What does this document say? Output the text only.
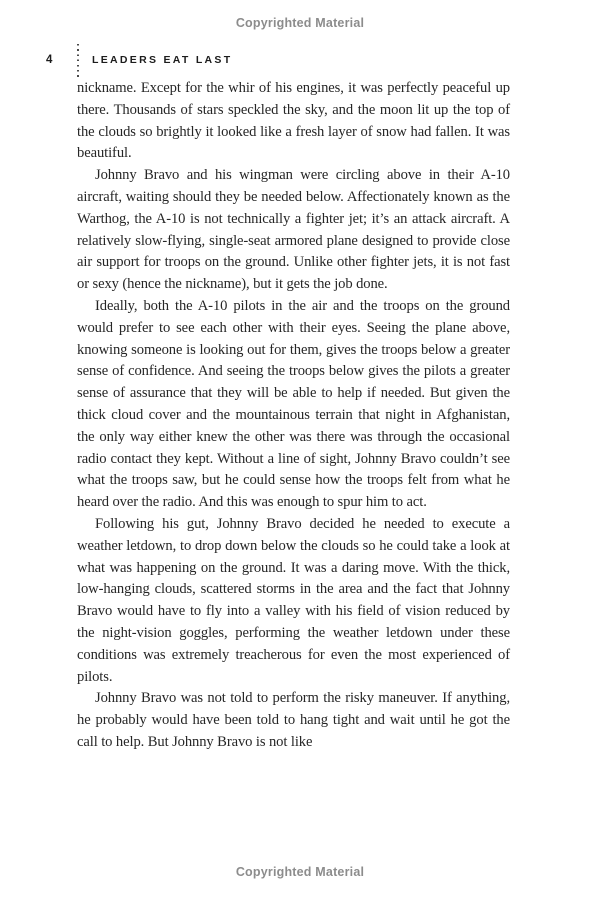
Copyrighted Material
4	LEADERS EAT LAST

nickname. Except for the whir of his engines, it was perfectly peaceful up there. Thousands of stars speckled the sky, and the moon lit up the top of the clouds so brightly it looked like a fresh layer of snow had fallen. It was beautiful.

Johnny Bravo and his wingman were circling above in their A-10 aircraft, waiting should they be needed below. Affectionately known as the Warthog, the A-10 is not technically a fighter jet; it’s an attack aircraft. A relatively slow-flying, single-seat armored plane designed to provide close air support for troops on the ground. Unlike other fighter jets, it is not fast or sexy (hence the nickname), but it gets the job done.

Ideally, both the A-10 pilots in the air and the troops on the ground would prefer to see each other with their eyes. Seeing the plane above, knowing someone is looking out for them, gives the troops below a greater sense of confidence. And seeing the troops below gives the pilots a greater sense of assurance that they will be able to help if needed. But given the thick cloud cover and the mountainous terrain that night in Afghanistan, the only way either knew the other was there was through the occasional radio contact they kept. Without a line of sight, Johnny Bravo couldn’t see what the troops saw, but he could sense how the troops felt from what he heard over the radio. And this was enough to spur him to act.

Following his gut, Johnny Bravo decided he needed to execute a weather letdown, to drop down below the clouds so he could take a look at what was happening on the ground. It was a daring move. With the thick, low-hanging clouds, scattered storms in the area and the fact that Johnny Bravo would have to fly into a valley with his field of vision reduced by the night-vision goggles, performing the weather letdown under these conditions was extremely treacherous for even the most experienced of pilots.

Johnny Bravo was not told to perform the risky maneuver. If anything, he probably would have been told to hang tight and wait until he got the call to help. But Johnny Bravo is not like

Copyrighted Material
